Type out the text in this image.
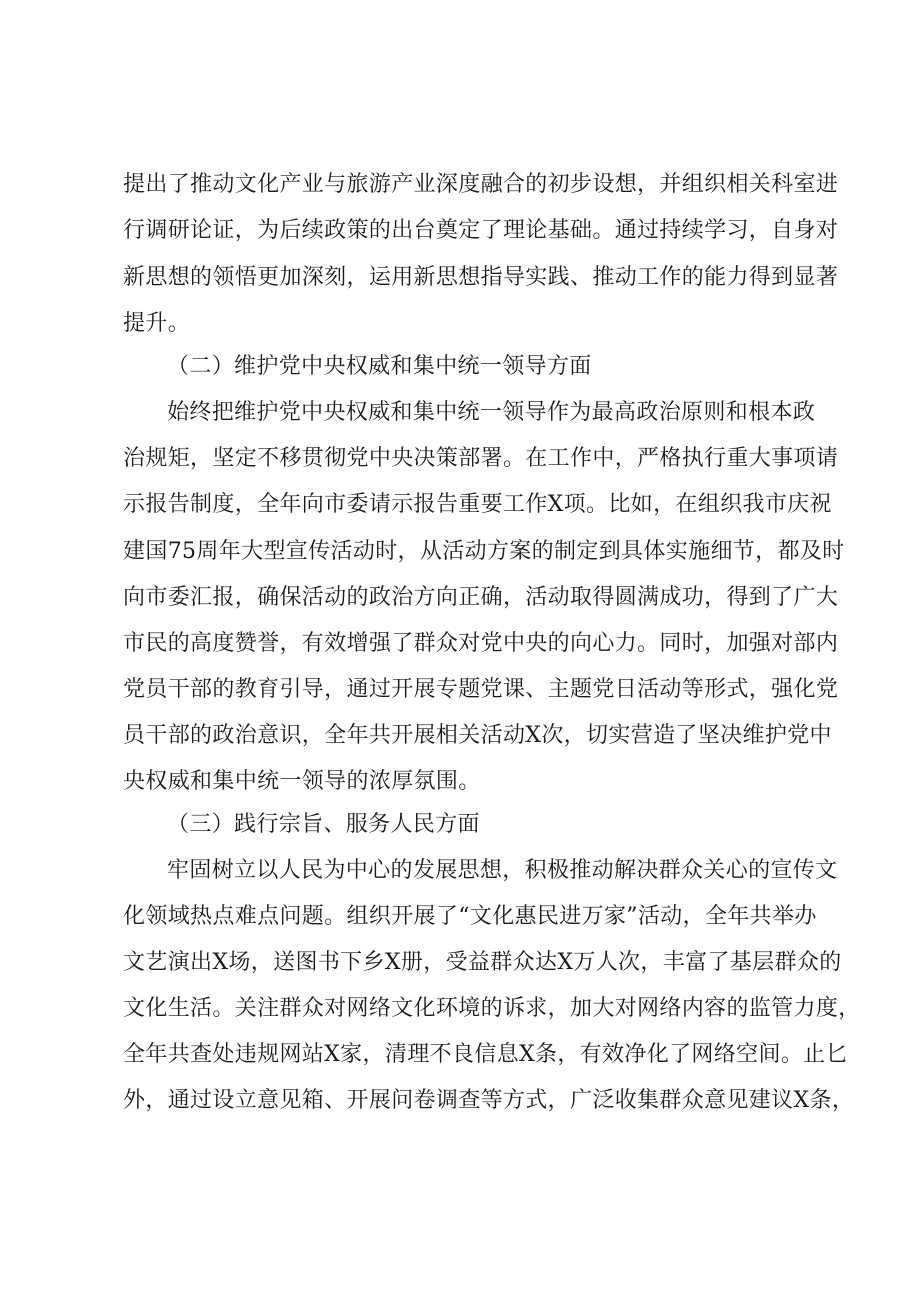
提出了推动文化产业与旅游产业深度融合的初步设想，并组织相关科室进
行调研论证，为后续政策的出台奠定了理论基础。通过持续学习，自身对
新思想的领悟更加深刻，运用新思想指导实践、推动工作的能力得到显著
提升。
（二）维护党中央权威和集中统一领导方面
始终把维护党中央权威和集中统一领导作为最高政治原则和根本政
治规矩，坚定不移贯彻党中央决策部署。在工作中，严格执行重大事项请
示报告制度，全年向市委请示报告重要工作X项。比如，在组织我市庆祝
建国75周年大型宣传活动时，从活动方案的制定到具体实施细节，都及时
向市委汇报，确保活动的政治方向正确，活动取得圆满成功，得到了广大
市民的高度赞誉，有效增强了群众对党中央的向心力。同时，加强对部内
党员干部的教育引导，通过开展专题党课、主题党日活动等形式，强化党
员干部的政治意识，全年共开展相关活动X次，切实营造了坚决维护党中
央权威和集中统一领导的浓厚氛围。
（三）践行宗旨、服务人民方面
牢固树立以人民为中心的发展思想，积极推动解决群众关心的宣传文
化领域热点难点问题。组织开展了“文化惠民进万家”活动，全年共举办
文艺演出X场，送图书下乡X册，受益群众达X万人次，丰富了基层群众的
文化生活。关注群众对网络文化环境的诉求，加大对网络内容的监管力度，
全年共查处违规网站X家，清理不良信息X条，有效净化了网络空间。止匕
外，通过设立意见箱、开展问卷调查等方式，广泛收集群众意见建议X条，
